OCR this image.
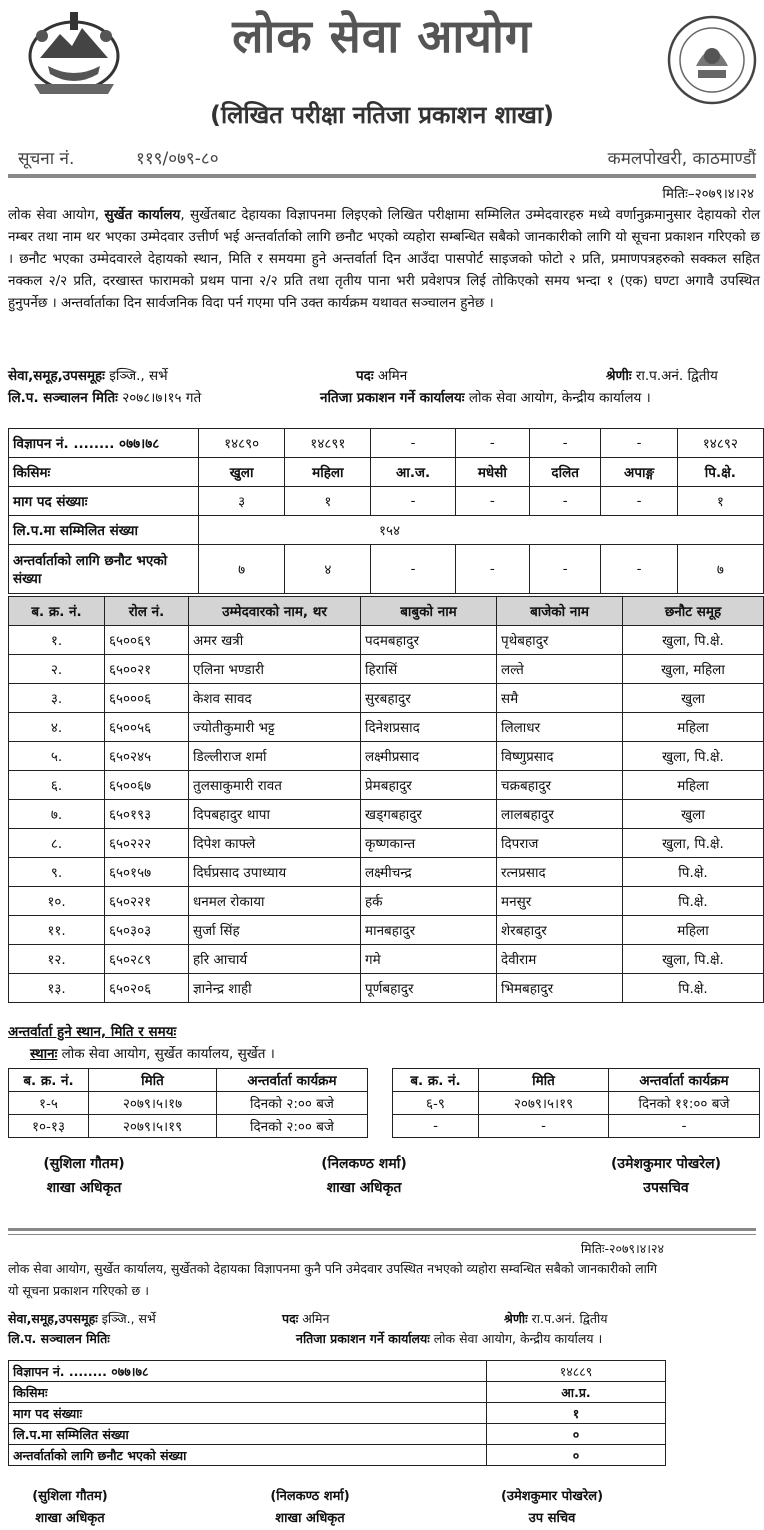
लोक सेवा आयोग
(लिखित परीक्षा नतिजा प्रकाशन शाखा)
सूचना नं.	११९/०७९-८०	कमलपोखरी, काठमाण्डौं
मितिः–२०७९।४।२४
लोक सेवा आयोग, सुर्खेत कार्यालय, सुर्खेतबाट देहायका विज्ञापनमा लिइएको लिखित परीक्षामा सम्मिलित उम्मेदवारहरु मध्ये वर्णानुक्रमानुसार देहायको रोल नम्बर तथा नाम थर भएका उम्मेदवार उत्तीर्ण भई अन्तर्वार्ताको लागि छनौट भएको व्यहोरा सम्बन्धित सबैको जानकारीको लागि यो सूचना प्रकाशन गरिएको छ । छनौट भएका उम्मेदवारले देहायको स्थान, मिति र समयमा हुने अन्तर्वार्ता दिन आउँदा पासपोर्ट साइजको फोटो २ प्रति, प्रमाणपत्रहरुको सक्कल सहित नक्कल २/२ प्रति, दरखास्त फारामको प्रथम पाना २/२ प्रति तथा तृतीय पाना भरी प्रवेशपत्र लिई तोकिएको समय भन्दा १ (एक) घण्टा अगावै उपस्थित हुनुपर्नेछ । अन्तर्वार्ताका दिन सार्वजनिक विदा पर्न गएमा पनि उक्त कार्यक्रम यथावत सञ्चालन हुनेछ ।
सेवा,समूह,उपसमूहः इञ्जि., सर्भे	पदः अमिन	श्रेणीः रा.प.अनं. द्वितीय
लि.प. सञ्चालन मितिः २०७८।७।१५ गते	नतिजा प्रकाशन गर्ने कार्यालयः लोक सेवा आयोग, केन्द्रीय कार्यालय ।
विज्ञापन नं. ........ ०७७।७८	१४८९०	१४८९१	-	-	-	-	१४८९२
किसिमः	खुला	महिला	आ.ज.	मधेसी	दलित	अपाङ्ग	पि.क्षे.
माग पद संख्याः	३	१	-	-	-	-	१
लि.प.मा सम्मिलित संख्या	१५४						
अन्तर्वार्ताको लागि छनौट भएको संख्या	७	४	-	-	-	-	७
ब. क्र. नं.	रोल नं.	उम्मेदवारको नाम, थर	बाबुको नाम	बाजेको नाम	छनौट समूह
१.	६५००६९	अमर खत्री	पदमबहादुर	पृथेबहादुर	खुला, पि.क्षे.
२.	६५००२१	एलिना भण्डारी	हिरासिं	लल्ते	खुला, महिला
३.	६५०००६	केशव सावद	सुरबहादुर	समै	खुला
४.	६५००५६	ज्योतीकुमारी भट्ट	दिनेशप्रसाद	लिलाधर	महिला
५.	६५०२४५	डिल्लीराज शर्मा	लक्ष्मीप्रसाद	विष्णुप्रसाद	खुला, पि.क्षे.
६.	६५००६७	तुलसाकुमारी रावत	प्रेमबहादुर	चक्रबहादुर	महिला
७.	६५०१९३	दिपबहादुर थापा	खड्गबहादुर	लालबहादुर	खुला
८.	६५०२२२	दिपेश काफ्ले	कृष्णकान्त	दिपराज	खुला, पि.क्षे.
९.	६५०१५७	दिर्घप्रसाद उपाध्याय	लक्ष्मीचन्द्र	रत्नप्रसाद	पि.क्षे.
१०.	६५०२२१	धनमल रोकाया	हर्क	मनसुर	पि.क्षे.
११.	६५०३०३	सुर्जा सिंह	मानबहादुर	शेरबहादुर	महिला
१२.	६५०२८९	हरि आचार्य	गमे	देवीराम	खुला, पि.क्षे.
१३.	६५०२०६	ज्ञानेन्द्र शाही	पूर्णबहादुर	भिमबहादुर	पि.क्षे.
अन्तर्वार्ता हुने स्थान, मिति र समयः
स्थानः लोक सेवा आयोग, सुर्खेत कार्यालय, सुर्खेत ।
ब. क्र. नं.	मिति	अन्तर्वार्ता कार्यक्रम
१-५	२०७९।५।१७	दिनको २:०० बजे
१०-१३	२०७९।५।१९	दिनको २:०० बजे
ब. क्र. नं.	मिति	अन्तर्वार्ता कार्यक्रम
६-९	२०७९।५।१९	दिनको ११:०० बजे
-	-	-
(सुशिला गौतम)
शाखा अधिकृत
(निलकण्ठ शर्मा)
शाखा अधिकृत
(उमेशकुमार पोखरेल)
उपसचिव
मितिः-२०७९।४।२४
लोक सेवा आयोग, सुर्खेत कार्यालय, सुर्खेतको देहायका विज्ञापनमा कुनै पनि उमेदवार उपस्थित नभएको व्यहोरा सम्वन्धित सबैको जानकारीको लागि यो सूचना प्रकाशन गरिएको छ ।
सेवा,समूह,उपसमूहः इञ्जि., सर्भे	पदः अमिन	श्रेणीः रा.प.अनं. द्वितीय
लि.प. सञ्चालन मितिः	नतिजा प्रकाशन गर्ने कार्यालयः लोक सेवा आयोग, केन्द्रीय कार्यालय ।
विज्ञापन नं. ........ ०७७।७८	१४८८९
किसिमः	आ.प्र.
माग पद संख्याः	१
लि.प.मा सम्मिलित संख्या	०
अन्तर्वार्ताको लागि छनौट भएको संख्या	०
(सुशिला गौतम)
शाखा अधिकृत
(निलकण्ठ शर्मा)
शाखा अधिकृत
(उमेशकुमार पोखरेल)
उप सचिव
